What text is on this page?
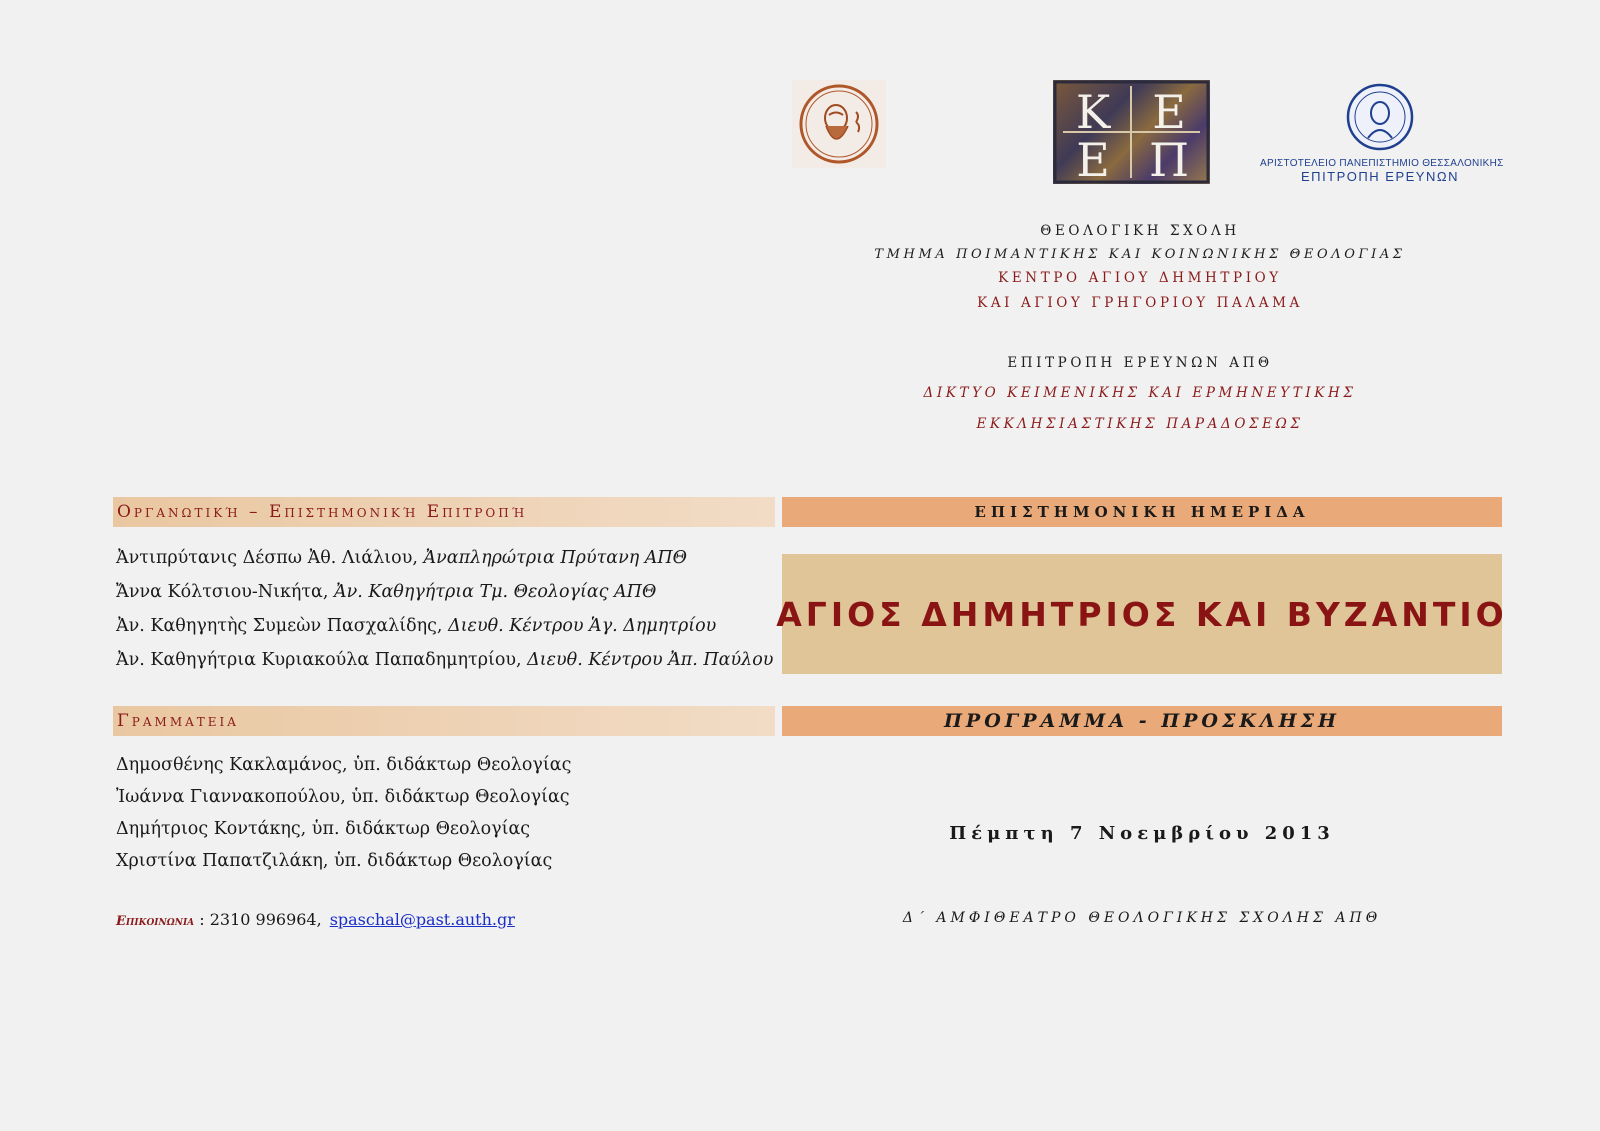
Κ Ε
Ε Π	ΑΡΙΣΤΟΤΕΛΕΙΟ ΠΑΝΕΠΙΣΤΗΜΙΟ ΘΕΣΣΑΛΟΝΙΚΗΣ
ΕΠΙΤΡΟΠΗ ΕΡΕΥΝΩΝ
ΘΕΟΛΟΓΙΚΗ ΣΧΟΛΗ
ΤΜΗΜΑ ΠΟΙΜΑΝΤΙΚΗΣ ΚΑΙ ΚΟΙΝΩΝΙΚΗΣ ΘΕΟΛΟΓΙΑΣ
ΚΕΝΤΡΟ ΑΓΙΟΥ ΔΗΜΗΤΡΙΟΥ
ΚΑΙ ΑΓΙΟΥ ΓΡΗΓΟΡΙΟΥ ΠΑΛΑΜΑ
ΕΠΙΤΡΟΠΗ ΕΡΕΥΝΩΝ ΑΠΘ
ΔΙΚΤΥΟ ΚΕΙΜΕΝΙΚΗΣ ΚΑΙ ΕΡΜΗΝΕΥΤΙΚΗΣ
ΕΚΚΛΗΣΙΑΣΤΙΚΗΣ ΠΑΡΑΔΟΣΕΩΣ
Οργανωτική – Επιστημονική Επιτροπή
Ἀντιπρύτανις Δέσπω Ἀθ. Λιάλιου, Ἀναπληρώτρια Πρύτανη ΑΠΘ
Ἄννα Κόλτσιου-Νικήτα, Ἀν. Καθηγήτρια Τμ. Θεολογίας ΑΠΘ
Ἀν. Καθηγητὴς Συμεὼν Πασχαλίδης, Διευθ. Κέντρου Ἁγ. Δημητρίου
Ἀν. Καθηγήτρια Κυριακούλα Παπαδημητρίου, Διευθ. Κέντρου Ἀπ. Παύλου
Γραμματεια
Δημοσθένης Κακλαμάνος, ὑπ. διδάκτωρ Θεολογίας
Ἰωάννα Γιαννακοπούλου, ὑπ. διδάκτωρ Θεολογίας
Δημήτριος Κοντάκης, ὑπ. διδάκτωρ Θεολογίας
Χριστίνα Παπατζιλάκη, ὑπ. διδάκτωρ Θεολογίας
Επικοινωνια : 2310 996964, spaschal@past.auth.gr
ΕΠΙΣΤΗΜΟΝΙΚΗ ΗΜΕΡΙΔΑ
ΑΓΙΟΣ ΔΗΜΗΤΡΙΟΣ ΚΑΙ ΒΥΖΑΝΤΙΟ
ΠΡΟΓΡΑΜΜΑ - ΠΡΟΣΚΛΗΣΗ
Πέμπτη 7 Νοεμβρίου 2013
Δ΄ ΑΜΦΙΘΕΑΤΡΟ ΘΕΟΛΟΓΙΚΗΣ ΣΧΟΛΗΣ ΑΠΘ
